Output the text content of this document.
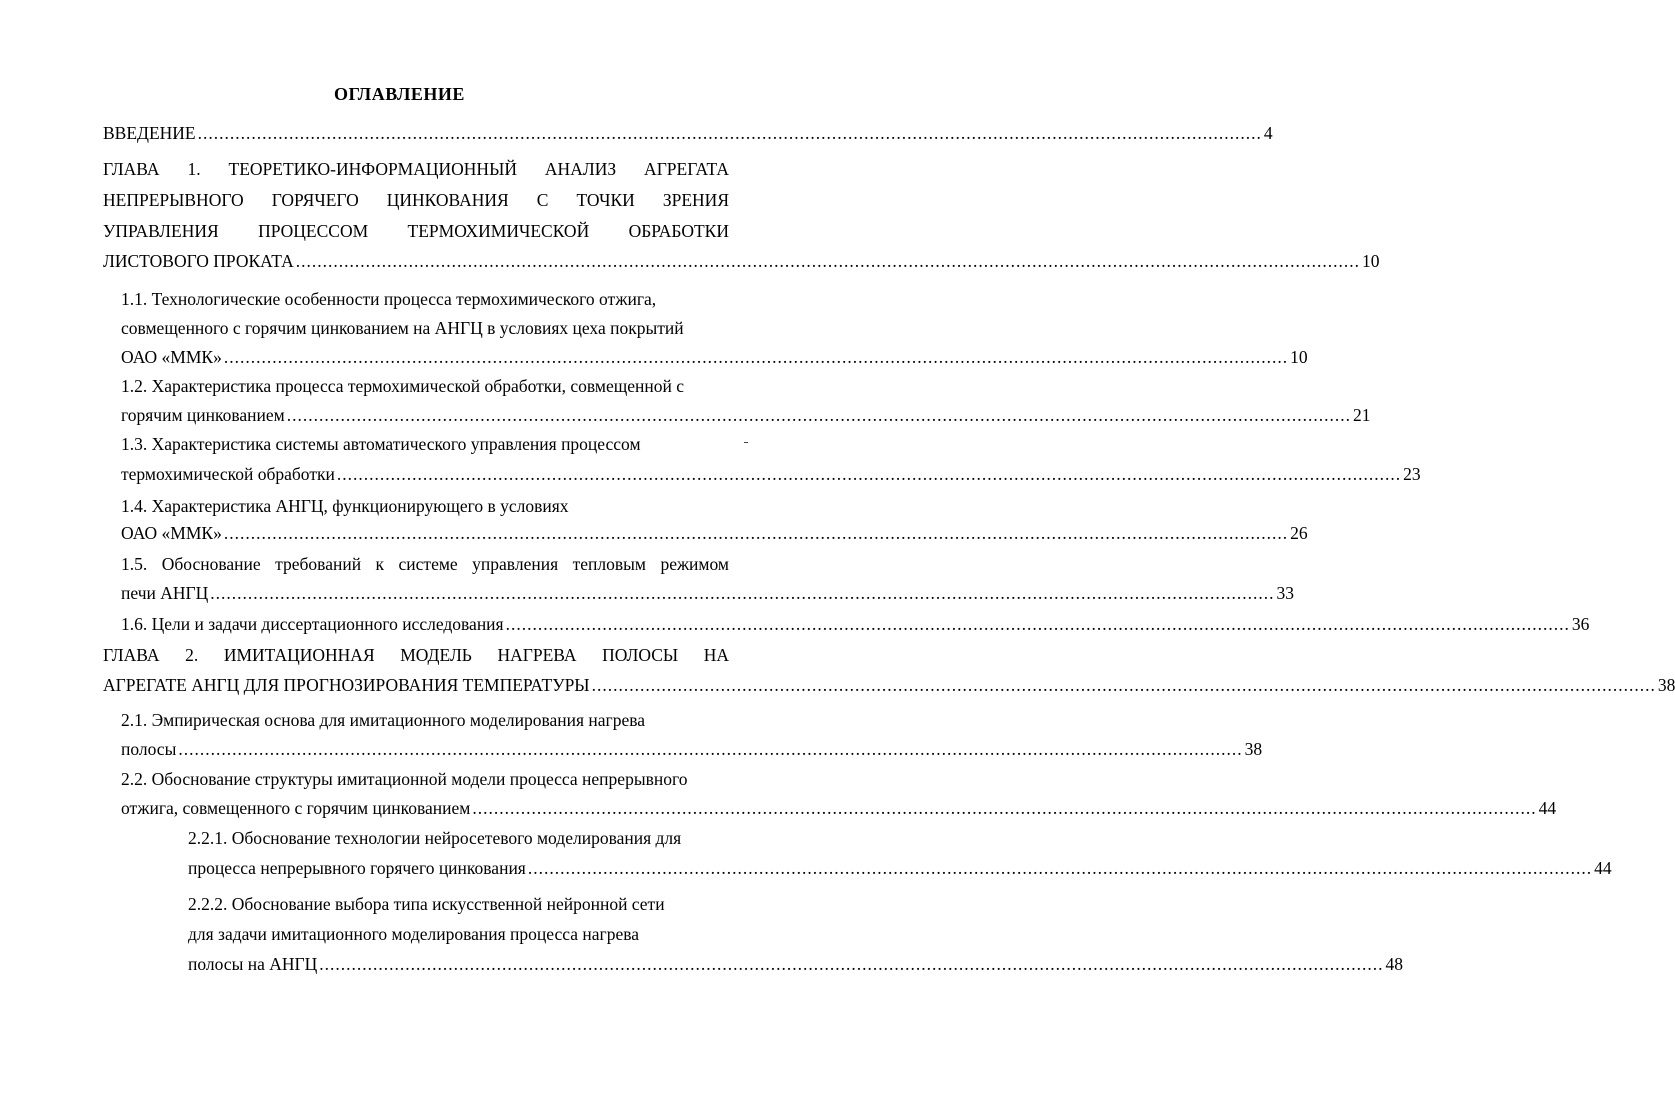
ОГЛАВЛЕНИЕ
ВВЕДЕНИЕ ...................................................................................................................................................................................................... 4
ГЛАВА 1. ТЕОРЕТИКО-ИНФОРМАЦИОННЫЙ АНАЛИЗ АГРЕГАТА
НЕПРЕРЫВНОГО ГОРЯЧЕГО ЦИНКОВАНИЯ С ТОЧКИ ЗРЕНИЯ
УПРАВЛЕНИЯ ПРОЦЕССОМ ТЕРМОХИМИЧЕСКОЙ ОБРАБОТКИ
ЛИСТОВОГО ПРОКАТА ...................................................................................................................................................................................................... 10
1.1. Технологические особенности процесса термохимического отжига,
совмещенного с горячим цинкованием на АНГЦ в условиях цеха покрытий
ОАО «ММК» ...................................................................................................................................................................................................... 10
1.2. Характеристика процесса термохимической обработки, совмещенной с
горячим цинкованием ...................................................................................................................................................................................................... 21
1.3. Характеристика системы автоматического управления процессом
термохимической обработки ...................................................................................................................................................................................................... 23
1.4. Характеристика АНГЦ, функционирующего в условиях
ОАО «ММК» ...................................................................................................................................................................................................... 26
1.5. Обоснование требований к системе управления тепловым режимом
печи АНГЦ ...................................................................................................................................................................................................... 33
1.6. Цели и задачи диссертационного исследования ...................................................................................................................................................................................................... 36
ГЛАВА 2. ИМИТАЦИОННАЯ МОДЕЛЬ НАГРЕВА ПОЛОСЫ НА
АГРЕГАТЕ АНГЦ ДЛЯ ПРОГНОЗИРОВАНИЯ ТЕМПЕРАТУРЫ ...................................................................................................................................................................................................... 38
2.1. Эмпирическая основа для имитационного моделирования нагрева
полосы ...................................................................................................................................................................................................... 38
2.2. Обоснование структуры имитационной модели процесса непрерывного
отжига, совмещенного с горячим цинкованием ...................................................................................................................................................................................................... 44
2.2.1. Обоснование технологии нейросетевого моделирования для
процесса непрерывного горячего цинкования ...................................................................................................................................................................................................... 44
2.2.2. Обоснование выбора типа искусственной нейронной сети
для задачи имитационного моделирования процесса нагрева
полосы на АНГЦ ...................................................................................................................................................................................................... 48
